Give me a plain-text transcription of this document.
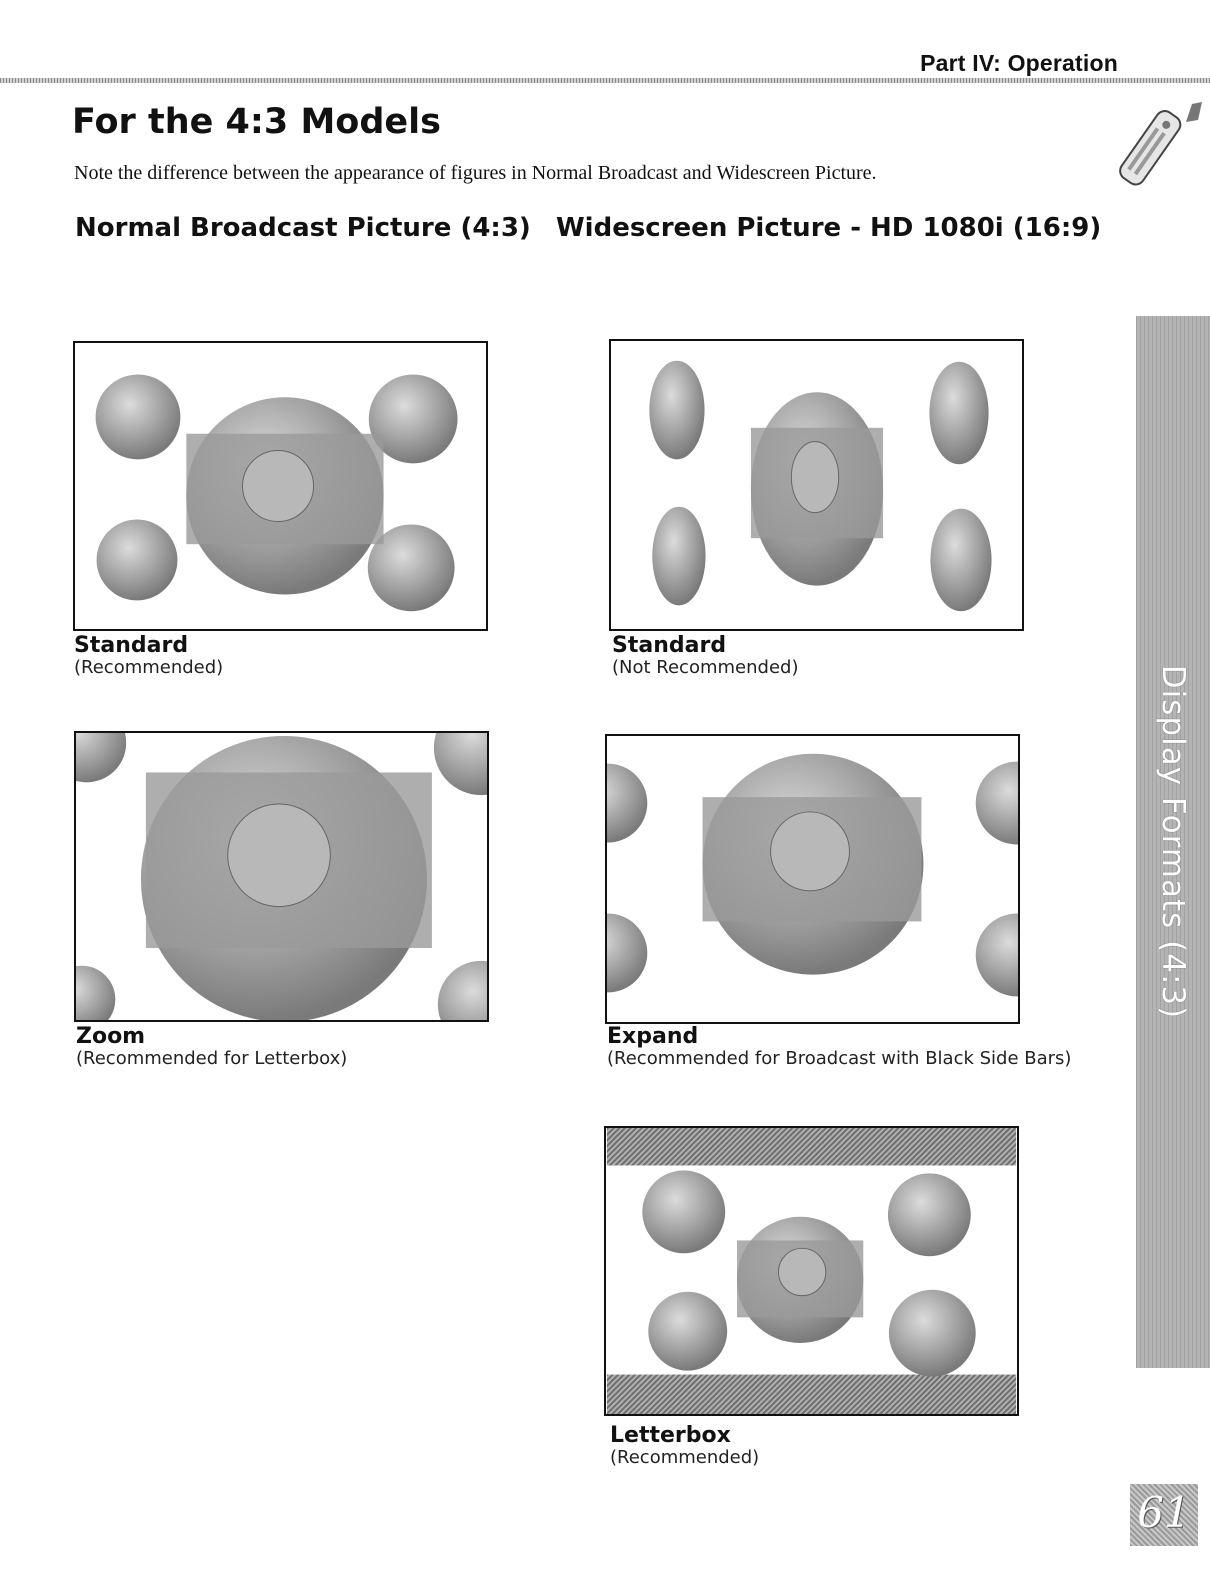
Part IV: Operation
For the 4:3 Models
Note the difference between the appearance of figures in Normal Broadcast and Widescreen Picture.
Normal Broadcast Picture (4:3) Widescreen Picture - HD 1080i (16:9)
Standard
(Recommended)
Standard
(Not Recommended)
Zoom
(Recommended for Letterbox)
Expand
(Recommended for Broadcast with Black Side Bars)
Letterbox
(Recommended)
Display Formats (4:3)
61
